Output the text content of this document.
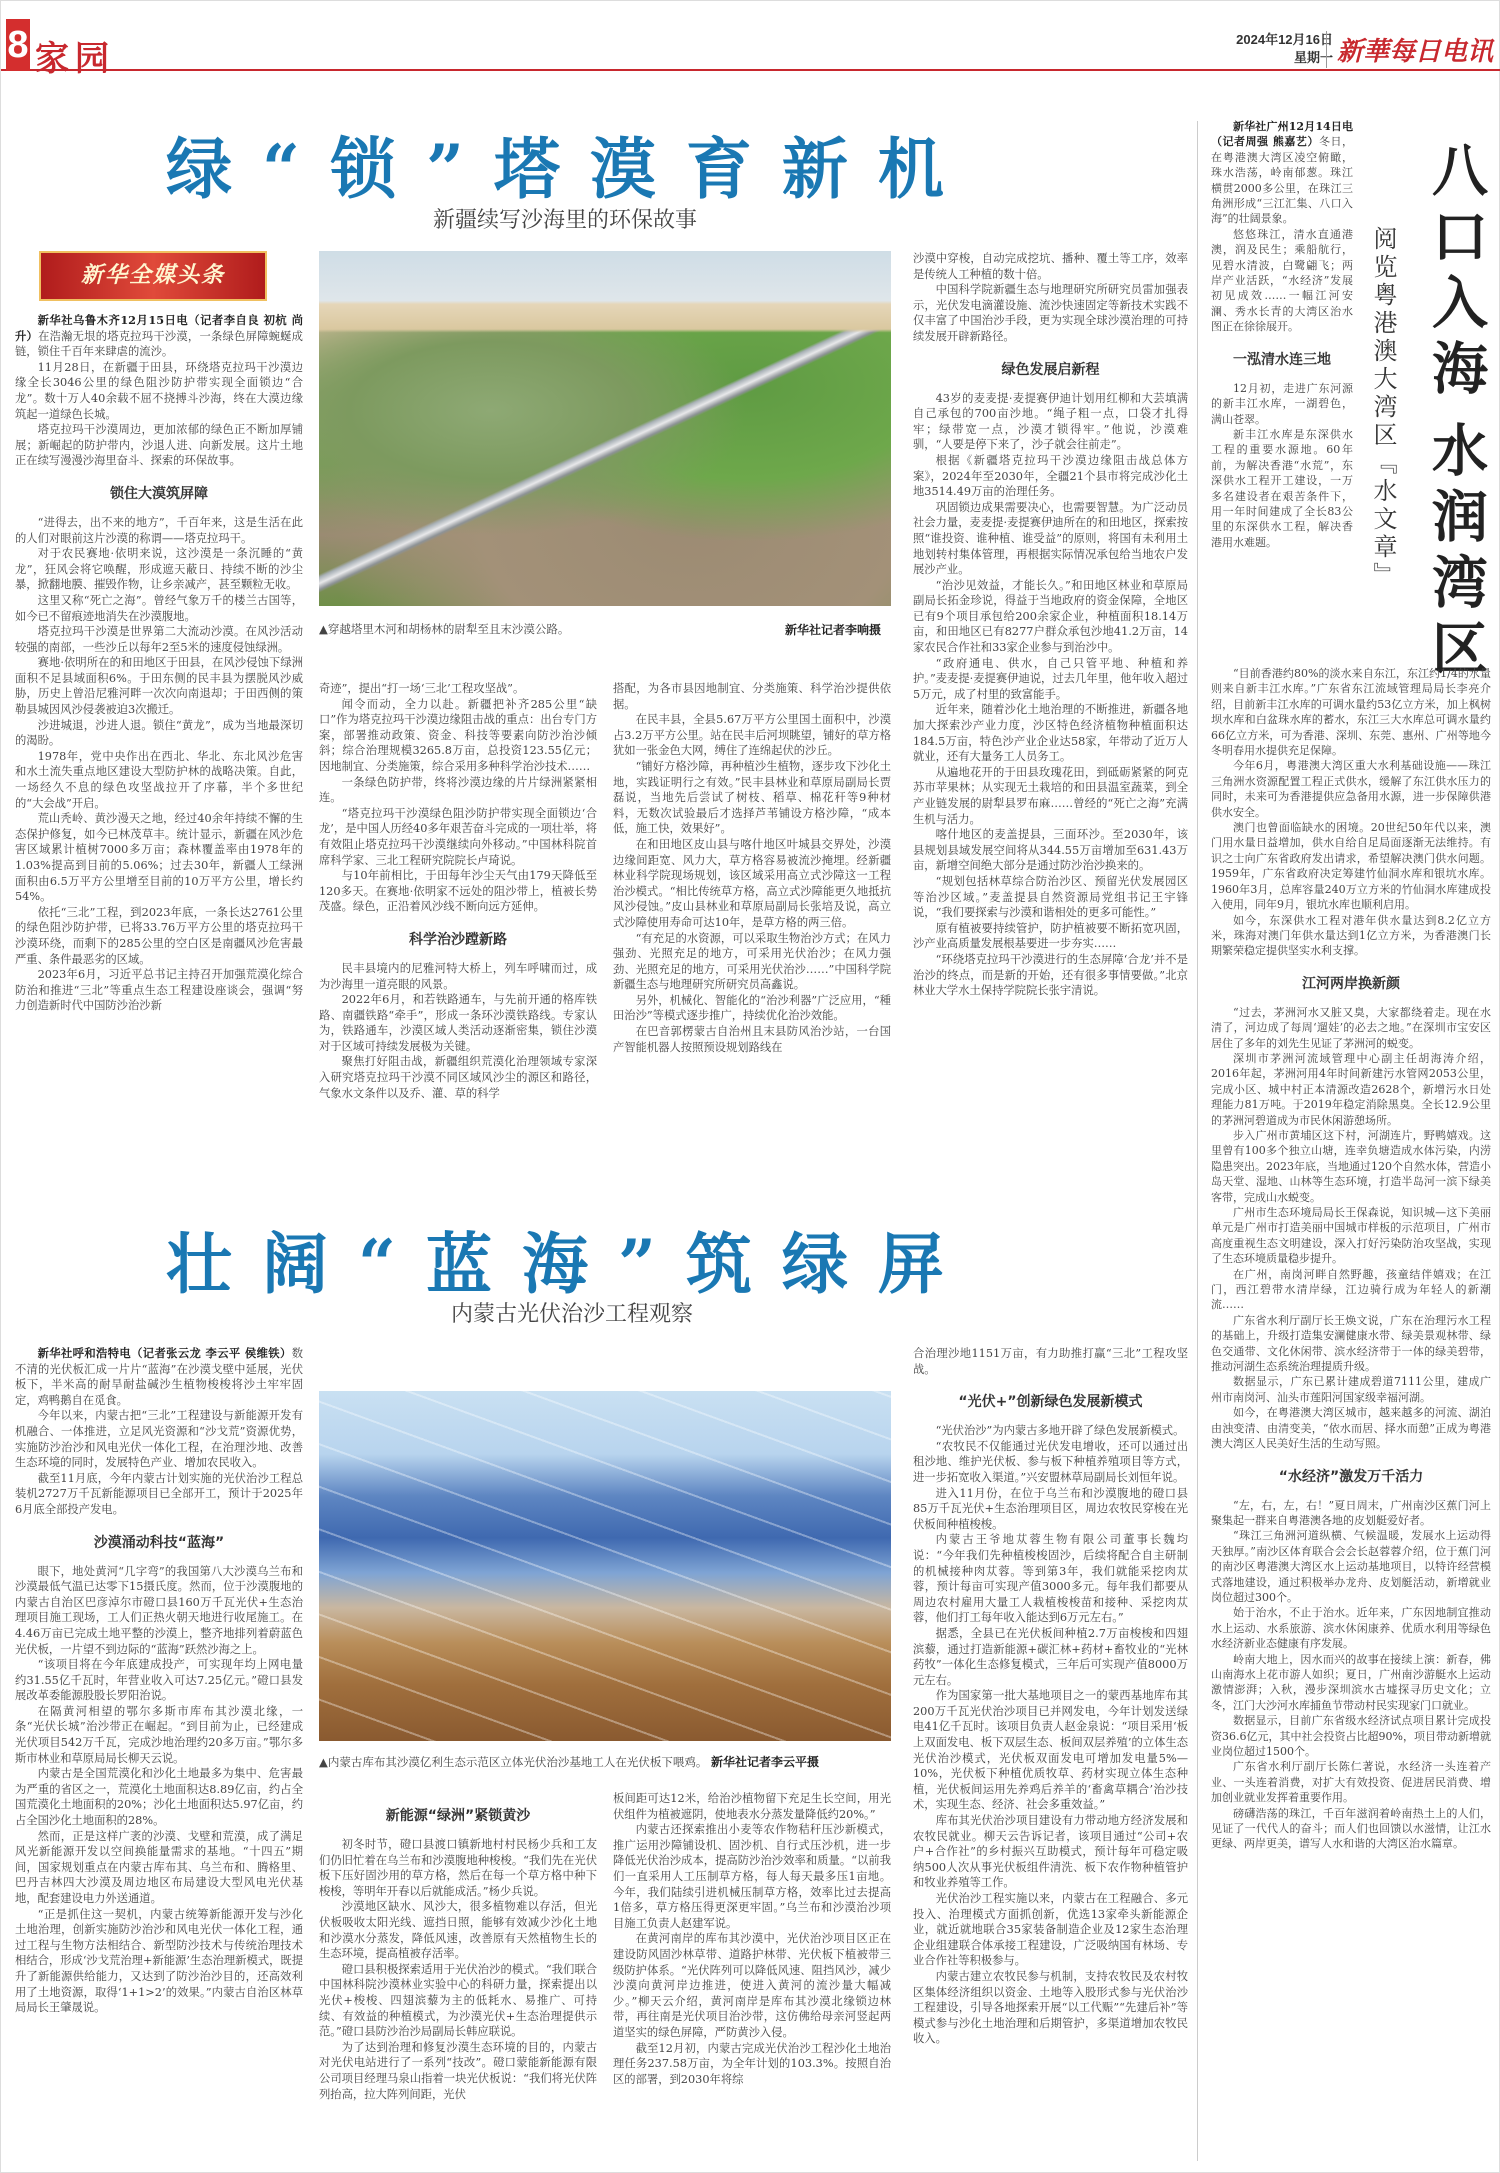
8 家园	2024年12月16日
星期一 新華每日电讯
绿“锁”塔漠育新机
新疆续写沙海里的环保故事
新华全媒头条

新华社乌鲁木齐12月15日电（记者李自良 初杭 尚升）在浩瀚无垠的塔克拉玛干沙漠，一条绿色屏障蜿蜒成链，锁住千百年来肆虐的流沙。

11月28日，在新疆于田县，环绕塔克拉玛干沙漠边缘全长3046公里的绿色阻沙防护带实现全面锁边“合龙”。数十万人40余载不屈不挠搏斗沙海，终在大漠边缘筑起一道绿色长城。

塔克拉玛干沙漠周边，更加浓郁的绿色正不断加厚铺展；新崛起的防护带内，沙退人进、向新发展。这片土地正在续写漫漫沙海里奋斗、探索的环保故事。

锁住大漠筑屏障

“进得去，出不来的地方”，千百年来，这是生活在此的人们对眼前这片沙漠的称谓——塔克拉玛干。

对于农民赛地·依明来说，这沙漠是一条沉睡的“黄龙”，狂风会将它唤醒，形成遮天蔽日、持续不断的沙尘暴，掀翻地膜、摧毁作物，让乡亲减产，甚至颗粒无收。

这里又称“死亡之海”。曾经气象万千的楼兰古国等，如今已不留痕迹地消失在沙漠腹地。

塔克拉玛干沙漠是世界第二大流动沙漠。在风沙活动较强的南部，一些沙丘以每年2至5米的速度侵蚀绿洲。

赛地·依明所在的和田地区于田县，在风沙侵蚀下绿洲面积不足县域面积6%。于田东侧的民丰县为摆脱风沙威胁，历史上曾沿尼雅河畔一次次向南退却；于田西侧的策勒县城因风沙侵袭被迫3次搬迁。

沙进城退，沙进人退。锁住“黄龙”，成为当地最深切的渴盼。

1978年，党中央作出在西北、华北、东北风沙危害和水土流失重点地区建设大型防护林的战略决策。自此，一场经久不息的绿色攻坚战拉开了序幕，半个多世纪的“大会战”开启。

荒山秃岭、黄沙漫天之地，经过40余年持续不懈的生态保护修复，如今已林茂草丰。统计显示，新疆在风沙危害区域累计植树7000多万亩；森林覆盖率由1978年的1.03%提高到目前的5.06%；过去30年，新疆人工绿洲面积由6.5万平方公里增至目前的10万平方公里，增长约54%。

依托“三北”工程，到2023年底，一条长达2761公里的绿色阻沙防护带，已将33.76万平方公里的塔克拉玛干沙漠环绕，而剩下的285公里的空白区是南疆风沙危害最严重、条件最恶劣的区域。

2023年6月，习近平总书记主持召开加强荒漠化综合防治和推进“三北”等重点生态工程建设座谈会，强调“努力创造新时代中国防沙治沙新

▲穿越塔里木河和胡杨林的尉犁至且末沙漠公路。	新华社记者李响摄

奇迹”，提出“打一场‘三北’工程攻坚战”。

闻令而动，全力以赴。新疆把补齐285公里“缺口”作为塔克拉玛干沙漠边缘阻击战的重点：出台专门方案，部署推动政策、资金、科技等要素向防沙治沙倾斜；综合治理规模3265.8万亩，总投资123.55亿元；因地制宜、分类施策，综合采用多种科学治沙技术……

一条绿色防护带，终将沙漠边缘的片片绿洲紧紧相连。

“塔克拉玛干沙漠绿色阻沙防护带实现全面锁边‘合龙’，是中国人历经40多年艰苦奋斗完成的一项壮举，将有效阻止塔克拉玛干沙漠继续向外移动。”中国林科院首席科学家、三北工程研究院院长卢琦说。

与10年前相比，于田每年沙尘天气由179天降低至120多天。在赛地·依明家不远处的阻沙带上，植被长势茂盛。绿色，正沿着风沙线不断向远方延伸。

科学治沙蹚新路

民丰县境内的尼雅河特大桥上，列车呼啸而过，成为沙海里一道亮眼的风景。

2022年6月，和若铁路通车，与先前开通的格库铁路、南疆铁路“牵手”，形成一条环沙漠铁路线。专家认为，铁路通车，沙漠区域人类活动逐渐密集，锁住沙漠对于区域可持续发展极为关键。

聚焦打好阻击战，新疆组织荒漠化治理领域专家深入研究塔克拉玛干沙漠不同区域风沙尘的源区和路径，气象水文条件以及乔、灌、草的科学

搭配，为各市县因地制宜、分类施策、科学治沙提供依据。

在民丰县，全县5.67万平方公里国土面积中，沙漠占3.2万平方公里。站在民丰后河坝眺望，铺好的草方格犹如一张金色大网，缚住了连绵起伏的沙丘。

“铺好方格沙障，再种植沙生植物，逐步攻下沙化土地，实践证明行之有效。”民丰县林业和草原局副局长贾磊说，当地先后尝试了树枝、稻草、棉花秆等9种材料，无数次试验最后才选择芦苇铺设方格沙障，“成本低，施工快，效果好”。

在和田地区皮山县与喀什地区叶城县交界处，沙漠边缘间距宽、风力大，草方格容易被流沙掩埋。经新疆林业科学院现场规划，该区域采用高立式沙障这一工程治沙模式。“相比传统草方格，高立式沙障能更久地抵抗风沙侵蚀。”皮山县林业和草原局副局长张培及说，高立式沙障使用寿命可达10年，是草方格的两三倍。

“有充足的水资源，可以采取生物治沙方式；在风力强劲、光照充足的地方，可采用光伏治沙；在风力强劲、光照充足的地方，可采用光伏治沙……”中国科学院新疆生态与地理研究所研究员高鑫说。

另外，机械化、智能化的“治沙利器”广泛应用，“種田治沙”等模式逐步推广，持续优化治沙效能。

在巴音郭楞蒙古自治州且末县防风治沙站，一台国产智能机器人按照预设规划路线在

沙漠中穿梭，自动完成挖坑、播种、覆土等工序，效率是传统人工种植的数十倍。

中国科学院新疆生态与地理研究所研究员雷加强表示，光伏发电滴灌设施、流沙快速固定等新技术实践不仅丰富了中国治沙手段，更为实现全球沙漠治理的可持续发展开辟新路径。

绿色发展启新程

43岁的麦麦提·麦提赛伊迪计划用红柳和大芸填满自己承包的700亩沙地。“绳子粗一点，口袋才扎得牢；绿带宽一点，沙漠才锁得牢。”他说，沙漠难驯，“人要是停下来了，沙子就会往前走”。

根据《新疆塔克拉玛干沙漠边缘阻击战总体方案》，2024年至2030年，全疆21个县市将完成沙化土地3514.49万亩的治理任务。

巩固锁边成果需要决心，也需要智慧。为广泛动员社会力量，麦麦提·麦提赛伊迪所在的和田地区，探索按照“谁投资、谁种植、谁受益”的原则，将国有未利用土地划转村集体管理，再根据实际情况承包给当地农户发展沙产业。

“治沙见效益，才能长久。”和田地区林业和草原局副局长拓金珍说，得益于当地政府的资金保障，全地区已有9个项目承包给200余家企业，种植面积18.14万亩，和田地区已有8277户群众承包沙地41.2万亩，14家农民合作社和33家企业参与到治沙中。

“政府通电、供水，自己只管平地、种植和养护。”麦麦提·麦提赛伊迪说，过去几年里，他年收入超过5万元，成了村里的致富能手。

近年来，随着沙化土地治理的不断推进，新疆各地加大探索沙产业力度，沙区特色经济植物种植面积达184.5万亩，特色沙产业企业达58家，年带动了近万人就业，还有大量务工人员务工。

从遍地花开的于田县玫瑰花田，到砥砺紧紧的阿克苏市苹果林；从实现无土栽培的和田县温室蔬菜，到全产业链发展的尉犁县罗布麻……曾经的“死亡之海”充满生机与活力。

喀什地区的麦盖提县，三面环沙。至2030年，该县规划县域发展空间将从344.55万亩增加至631.43万亩，新增空间绝大部分是通过防沙治沙换来的。

“规划包括林草综合防治沙区、预留光伏发展园区等治沙区域。”麦盖提县自然资源局党组书记王宇锋说，“我们要探索与沙漠和谐相处的更多可能性。”

原有植被要持续管护，防护植被要不断拓宽巩固，沙产业高质量发展根基要进一步夯实……

“环绕塔克拉玛干沙漠进行的生态屏障‘合龙’并不是治沙的终点，而是新的开始，还有很多事情要做。”北京林业大学水土保持学院院长张宇清说。

壮阔“蓝海”筑绿屏
内蒙古光伏治沙工程观察

新华社呼和浩特电（记者张云龙 李云平 侯维铁）数不清的光伏板汇成一片片“蓝海”在沙漠戈壁中延展，光伏板下，半米高的耐旱耐盐碱沙生植物梭梭将沙土牢牢固定，鸡鸭鹅自在觅食。

今年以来，内蒙古把“三北”工程建设与新能源开发有机融合、一体推进，立足风光资源和“沙戈荒”资源优势，实施防沙治沙和风电光伏一体化工程，在治理沙地、改善生态环境的同时，发展特色产业、增加农民收入。

截至11月底，今年内蒙古计划实施的光伏治沙工程总装机2727万千瓦新能源项目已全部开工，预计于2025年6月底全部投产发电。

沙漠涌动科技“蓝海”

眼下，地处黄河“几字弯”的我国第八大沙漠乌兰布和沙漠最低气温已达零下15摄氏度。然而，位于沙漠腹地的内蒙古自治区巴彦淖尔市磴口县160万千瓦光伏+生态治理项目施工现场，工人们正热火朝天地进行收尾施工。在4.46万亩已完成土地平整的沙漠上，整齐地排列着蔚蓝色光伏板，一片望不到边际的“蓝海”跃然沙海之上。

“该项目将在今年底建成投产，可实现年均上网电量约31.55亿千瓦时，年营业收入可达7.25亿元。”磴口县发展改革委能源股股长罗阳治说。

在隔黄河相望的鄂尔多斯市库布其沙漠北缘，一条“光伏长城”治沙带正在崛起。“到目前为止，已经建成光伏项目542万千瓦，完成沙地治理约20多万亩。”鄂尔多斯市林业和草原局局长柳天云说。

内蒙古是全国荒漠化和沙化土地最多为集中、危害最为严重的省区之一，荒漠化土地面积达8.89亿亩，约占全国荒漠化土地面积的20%；沙化土地面积达5.97亿亩，约占全国沙化土地面积的28%。

然而，正是这样广袤的沙漠、戈壁和荒漠，成了满足风光新能源开发以空间换能量需求的基地。“十四五”期间，国家规划重点在内蒙古库布其、乌兰布和、腾格里、巴丹吉林四大沙漠及周边地区布局建设大型风电光伏基地，配套建设电力外送通道。

“正是抓住这一契机，内蒙古统筹新能源开发与沙化土地治理，创新实施防沙治沙和风电光伏一体化工程，通过工程与生物方法相结合、新型防沙技术与传统治理技术相结合，形成‘沙戈荒治理+新能源’生态治理新模式，既提升了新能源供给能力，又达到了防沙治沙目的，还高效利用了土地资源，取得‘1+1>2’的效果。”内蒙古自治区林草局局长王肇晟说。

▲内蒙古库布其沙漠亿利生态示范区立体光伏治沙基地工人在光伏板下喂鸡。 新华社记者李云平摄
新能源“绿洲”紧锁黄沙

初冬时节，磴口县渡口镇新地村村民杨少兵和工友们仍旧忙着在乌兰布和沙漠腹地种梭梭。“我们先在光伏板下压好固沙用的草方格，然后在每一个草方格中种下梭梭，等明年开春以后就能成活。”杨少兵说。

沙漠地区缺水、风沙大，很多植物难以存活，但光伏板吸收太阳光线、遮挡日照，能够有效减少沙化土地和沙漠水分蒸发，降低风速，改善原有天然植物生长的生态环境，提高植被存活率。

磴口县积极探索适用于光伏治沙的模式。“我们联合中国林科院沙漠林业实验中心的科研力量，探索提出以光伏+梭梭、四翅滨藜为主的低耗水、易推广、可持续、有效益的种植模式，为沙漠光伏+生态治理提供示范。”磴口县防沙治沙局副局长韩应联说。

为了达到治理和修复沙漠生态环境的目的，内蒙古对光伏电站进行了一系列“技改”。磴口蒙能新能源有限公司项目经理马泉山指着一块光伏板说：“我们将光伏阵列抬高，拉大阵列间距，光伏

板间距可达12米，给治沙植物留下充足生长空间，用光伏组件为植被遮阴，使地表水分蒸发量降低约20%。”

内蒙古还探索推出小麦等农作物秸秆压沙新模式，推广运用沙障铺设机、固沙机、自行式压沙机，进一步降低光伏治沙成本，提高防沙治沙效率和质量。“以前我们一直采用人工压制草方格，每人每天最多压1亩地。今年，我们陆续引进机械压制草方格，效率比过去提高1倍多，草方格压得更深更牢固。”乌兰布和沙漠治沙项目施工负责人赵建军说。

在黄河南岸的库布其沙漠中，光伏治沙项目区正在建设防风固沙林草带、道路护林带、光伏板下植被带三级防护体系。“光伏阵列可以降低风速、阻挡风沙，减少沙漠向黄河岸边推进，使进入黄河的流沙量大幅减少。”柳天云介绍，黄河南岸是库布其沙漠北缘锁边林带，再往南是光伏项目治沙带，这仿佛给母亲河竖起两道坚实的绿色屏障，严防黄沙入侵。

截至12月初，内蒙古完成光伏治沙工程沙化土地治理任务237.58万亩，为全年计划的103.3%。按照自治区的部署，到2030年将综

合治理沙地1151万亩，有力助推打赢“三北”工程攻坚战。

“光伏+”创新绿色发展新模式

“光伏治沙”为内蒙古多地开辟了绿色发展新模式。

“农牧民不仅能通过光伏发电增收，还可以通过出租沙地、维护光伏板、参与板下种植养殖项目等方式，进一步拓宽收入渠道。”兴安盟林草局副局长刘恒年说。

进入11月份，在位于乌兰布和沙漠腹地的磴口县85万千瓦光伏+生态治理项目区，周边农牧民穿梭在光伏板间种植梭梭。

内蒙古王爷地苁蓉生物有限公司董事长魏均说：“今年我们先种植梭梭固沙，后续将配合自主研制的机械接种肉苁蓉。等到第3年，我们就能采挖肉苁蓉，预计每亩可实现产值3000多元。每年我们都要从周边农村雇用大量工人栽植梭梭苗和接种、采挖肉苁蓉，他们打工每年收入能达到6万元左右。”

据悉，全县已在光伏板间种植2.7万亩梭梭和四翅滨藜，通过打造新能源+碳汇林+药材+畜牧业的“光林药牧”一体化生态修复模式，三年后可实现产值8000万元左右。

作为国家第一批大基地项目之一的蒙西基地库布其200万千瓦光伏治沙项目已并网发电，今年计划发送绿电41亿千瓦时。该项目负责人赵金泉说：“项目采用‘板上双面发电、板下双层生态、板间双层养殖’的立体生态光伏治沙模式，光伏板双面发电可增加发电量5%—10%，光伏板下种植优质牧草、药材实现立体生态种植，光伏板间运用先养鸡后养羊的‘畜禽草耦合’治沙技术，实现生态、经济、社会多重效益。”

库布其光伏治沙项目建设有力带动地方经济发展和农牧民就业。柳天云告诉记者，该项目通过“公司+农户+合作社”的乡村振兴互助模式，预计每年可稳定吸纳500人次从事光伏板组件清洗、板下农作物种植管护和牧业养殖等工作。

光伏治沙工程实施以来，内蒙古在工程融合、多元投入、治理模式方面抓创新，优选13家牵头新能源企业，就近就地联合35家装备制造企业及12家生态治理企业组建联合体承接工程建设，广泛吸纳国有林场、专业合作社等积极参与。

内蒙古建立农牧民参与机制，支持农牧民及农村牧区集体经济组织以资金、土地等入股形式参与光伏治沙工程建设，引导各地探索开展“以工代赈”“先建后补”等模式参与沙化土地治理和后期管护，多渠道增加农牧民收入。

八口入海
水润湾区
阅览粤港澳大湾区『水文章』

新华社广州12月14日电（记者周强 熊嘉艺）冬日，在粤港澳大湾区凌空俯瞰，珠水浩荡，岭南郁葱。珠江横贯2000多公里，在珠江三角洲形成“三江汇集、八口入海”的壮阔景象。

悠悠珠江，清水直通港澳，润及民生；乘船航行，见碧水清波，白鹭翩飞；两岸产业活跃，“水经济”发展初见成效……一幅江河安澜、秀水长青的大湾区治水图正在徐徐展开。

一泓清水连三地

12月初，走进广东河源的新丰江水库，一湖碧色，满山苍翠。

新丰江水库是东深供水工程的重要水源地。60年前，为解决香港“水荒”，东深供水工程开工建设，一万多名建设者在艰苦条件下，用一年时间建成了全长83公里的东深供水工程，解决香港用水难题。

“目前香港约80%的淡水来自东江，东江约1/4的水量则来自新丰江水库。”广东省东江流域管理局局长李亮介绍，目前新丰江水库的可调水量约53亿立方米，加上枫树坝水库和白盆珠水库的蓄水，东江三大水库总可调水量约66亿立方米，可为香港、深圳、东莞、惠州、广州等地今冬明春用水提供充足保障。

今年6月，粤港澳大湾区重大水利基础设施——珠江三角洲水资源配置工程正式供水，缓解了东江供水压力的同时，未来可为香港提供应急备用水源，进一步保障供港供水安全。

澳门也曾面临缺水的困境。20世纪50年代以来，澳门用水量日益增加，供水自给自足局面逐渐无法维持。有识之士向广东省政府发出请求，希望解决澳门供水问题。1959年，广东省政府决定筹建竹仙洞水库和银坑水库。1960年3月，总库容量240万立方米的竹仙洞水库建成投入使用，同年9月，银坑水库也顺利启用。

如今，东深供水工程对港年供水量达到8.2亿立方米，珠海对澳门年供水量达到1亿立方米，为香港澳门长期繁荣稳定提供坚实水利支撑。

江河两岸换新颜

“过去，茅洲河水又脏又臭，大家都绕着走。现在水清了，河边成了每周‘遛娃’的必去之地。”在深圳市宝安区居住了多年的刘先生见证了茅洲河的蜕变。

深圳市茅洲河流域管理中心副主任胡海涛介绍，2016年起，茅洲河用4年时间新建污水管网2053公里，完成小区、城中村正本清源改造2628个，新增污水日处理能力81万吨。于2019年稳定消除黑臭。全长12.9公里的茅洲河碧道成为市民休闲游憩场所。

步入广州市黄埔区这下村，河湖连片，野鸭嬉戏。这里曾有100多个独立山塘，连幸负塘造成水体污染，内涝隐患突出。2023年底，当地通过120个自然水体，营造小岛天堂、湿地、山林等生态环境，打造半岛河一滨下绿美客带，完成山水蜕变。

广州市生态环境局局长王保森说，知识城—这下美丽单元是广州市打造美丽中国城市样板的示范项目，广州市高度重视生态文明建设，深入打好污染防治攻坚战，实现了生态环境质量稳步提升。

在广州，南岗河畔自然野趣，孩童结伴嬉戏；在江门，西江碧带水清岸绿，江边骑行成为年轻人的新潮流……

广东省水利厅副厅长王焕文说，广东在治理污水工程的基础上，升级打造集安澜健康水带、绿美景观林带、绿色交通带、文化休闲带、滨水经济带于一体的绿美碧带，推动河湖生态系统治理提质升级。

数据显示，广东已累计建成碧道7111公里，建成广州市南岗河、汕头市莲阳河国家级幸福河湖。

如今，在粤港澳大湾区城市，越来越多的河流、湖泊由浊变清、由清变美，“依水而居、择水而憩”正成为粤港澳大湾区人民美好生活的生动写照。

“水经济”激发万千活力

“左，右，左，右！”夏日周末，广州南沙区蕉门河上聚集起一群来自粤港澳各地的皮划艇爱好者。

“珠江三角洲河道纵横、气候温暖，发展水上运动得天独厚。”南沙区体育联合会会长赵蓉蓉介绍，位于蕉门河的南沙区粤港澳大湾区水上运动基地项目，以特许经营模式落地建设，通过积极举办龙舟、皮划艇活动，新增就业岗位超过300个。

始于治水，不止于治水。近年来，广东因地制宜推动水上运动、水系旅游、滨水休闲康养、优质水利用等绿色水经济新业态健康有序发展。

岭南大地上，因水而兴的故事在接续上演：新春，佛山南海水上花市游人如织；夏日，广州南沙游艇水上运动激情澎湃；入秋，漫步深圳滨水古墟探寻历史文化；立冬，江门大沙河水库捕鱼节带动村民实现家门口就业。

数据显示，目前广东省级水经济试点项目累计完成投资36.6亿元，其中社会投资占比超90%，项目带动新增就业岗位超过1500个。

广东省水利厅副厅长陈仁著说，水经济一头连着产业、一头连着消费，对扩大有效投资、促进居民消费、增加创业就业发挥着重要作用。

磅礴浩荡的珠江，千百年滋润着岭南热土上的人们，见证了一代代人的奋斗；而人们也回馈以水滋情，让江水更绿、两岸更美，谱写人水和谐的大湾区治水篇章。
